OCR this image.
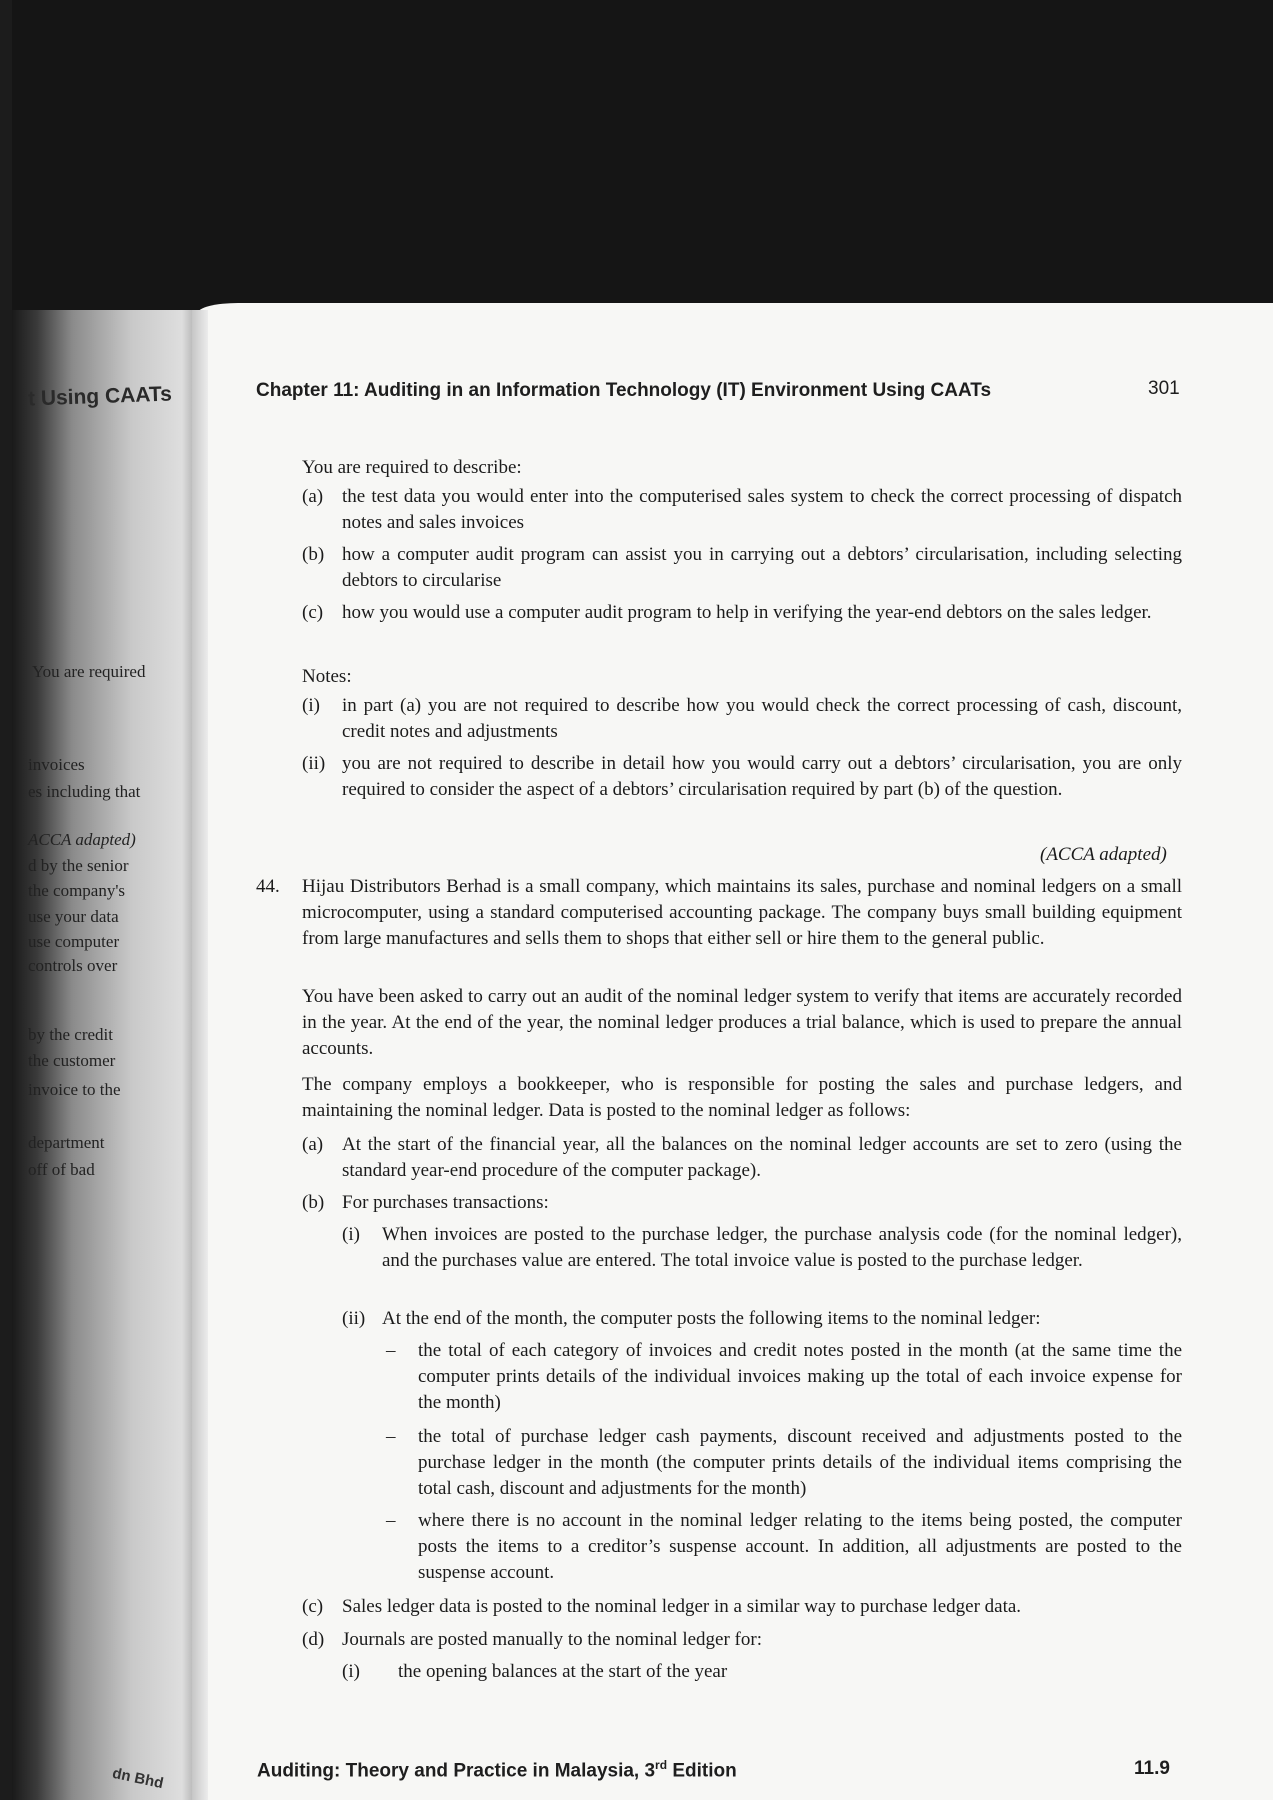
t Using CAATs
You are required
invoices
es including that
ACCA adapted)
d by the senior
the company's
use your data
use computer
controls over
by the credit
the customer
invoice to the
department
off of bad
dn Bhd
Chapter 11: Auditing in an Information Technology (IT) Environment Using CAATs	301
You are required to describe:
(a) the test data you would enter into the computerised sales system to check the correct processing of dispatch notes and sales invoices
(b) how a computer audit program can assist you in carrying out a debtors’ circularisation, including selecting debtors to circularise
(c) how you would use a computer audit program to help in verifying the year-end debtors on the sales ledger.
Notes:
(i) in part (a) you are not required to describe how you would check the correct processing of cash, discount, credit notes and adjustments
(ii) you are not required to describe in detail how you would carry out a debtors’ circularisation, you are only required to consider the aspect of a debtors’ circularisation required by part (b) of the question.
(ACCA adapted)
44. Hijau Distributors Berhad is a small company, which maintains its sales, purchase and nominal ledgers on a small microcomputer, using a standard computerised accounting package. The company buys small building equipment from large manufactures and sells them to shops that either sell or hire them to the general public.
You have been asked to carry out an audit of the nominal ledger system to verify that items are accurately recorded in the year. At the end of the year, the nominal ledger produces a trial balance, which is used to prepare the annual accounts.
The company employs a bookkeeper, who is responsible for posting the sales and purchase ledgers, and maintaining the nominal ledger. Data is posted to the nominal ledger as follows:
(a) At the start of the financial year, all the balances on the nominal ledger accounts are set to zero (using the standard year-end procedure of the computer package).
(b) For purchases transactions:
(i) When invoices are posted to the purchase ledger, the purchase analysis code (for the nominal ledger), and the purchases value are entered. The total invoice value is posted to the purchase ledger.
(ii) At the end of the month, the computer posts the following items to the nominal ledger:
– the total of each category of invoices and credit notes posted in the month (at the same time the computer prints details of the individual invoices making up the total of each invoice expense for the month)
– the total of purchase ledger cash payments, discount received and adjustments posted to the purchase ledger in the month (the computer prints details of the individual items comprising the total cash, discount and adjustments for the month)
– where there is no account in the nominal ledger relating to the items being posted, the computer posts the items to a creditor’s suspense account. In addition, all adjustments are posted to the suspense account.
(c) Sales ledger data is posted to the nominal ledger in a similar way to purchase ledger data.
(d) Journals are posted manually to the nominal ledger for:
(i) the opening balances at the start of the year
Auditing: Theory and Practice in Malaysia, 3rd Edition	11.9
